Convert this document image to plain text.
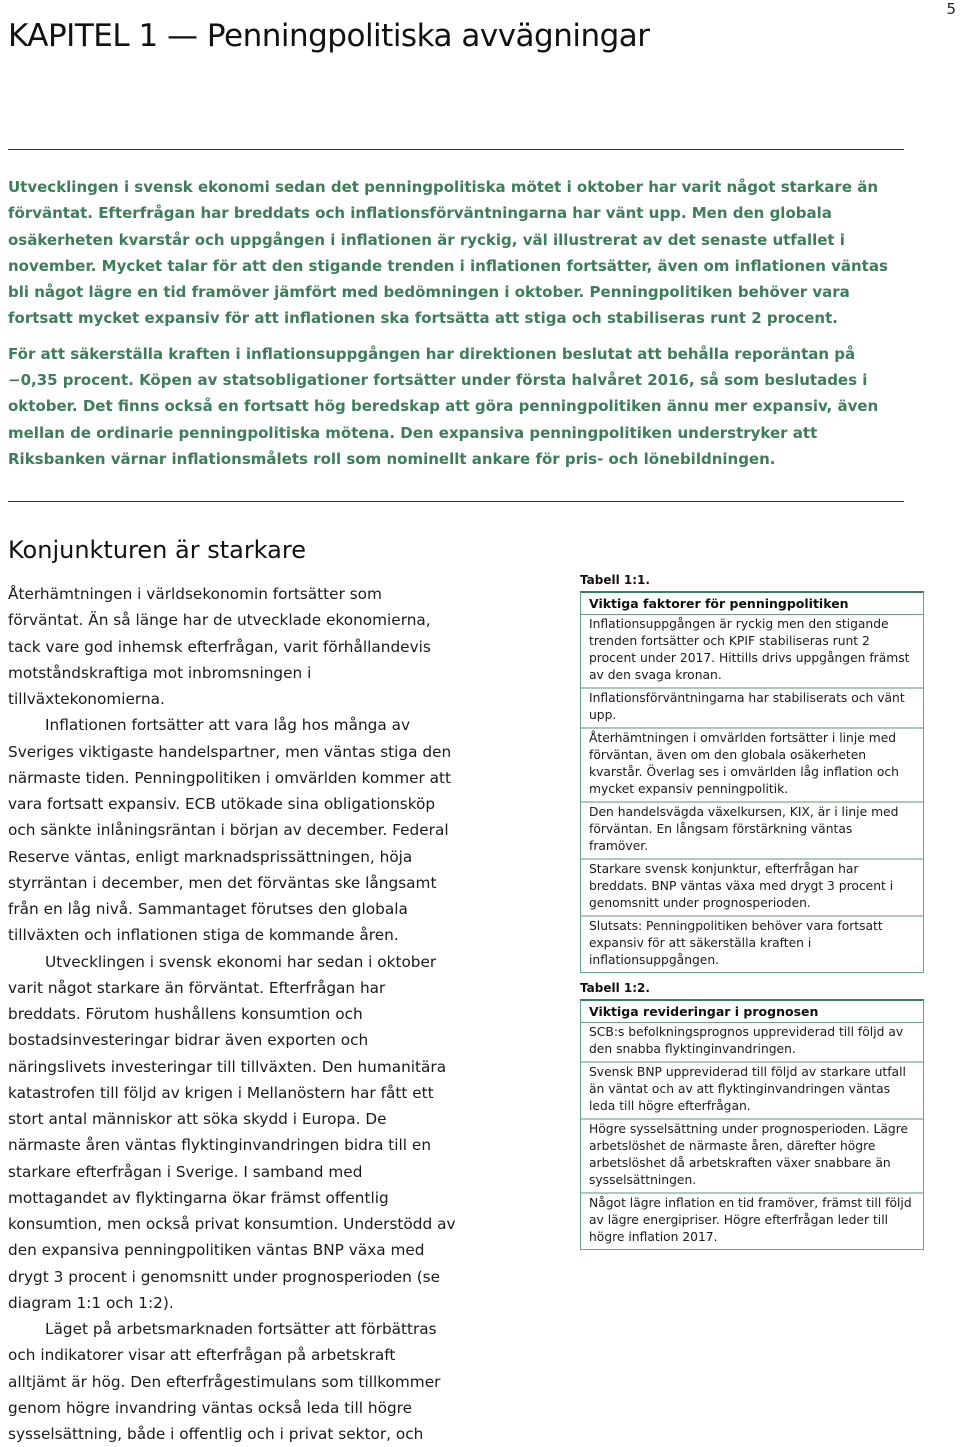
5
KAPITEL 1 — Penningpolitiska avvägningar

Utvecklingen i svensk ekonomi sedan det penningpolitiska mötet i oktober har varit något starkare än förväntat. Efterfrågan har breddats och inflationsförväntningarna har vänt upp. Men den globala osäkerheten kvarstår och uppgången i inflationen är ryckig, väl illustrerat av det senaste utfallet i november. Mycket talar för att den stigande trenden i inflationen fortsätter, även om inflationen väntas bli något lägre en tid framöver jämfört med bedömningen i oktober. Penningpolitiken behöver vara fortsatt mycket expansiv för att inflationen ska fortsätta att stiga och stabiliseras runt 2 procent.

För att säkerställa kraften i inflationsuppgången har direktionen beslutat att behålla reporäntan på −0,35 procent. Köpen av statsobligationer fortsätter under första halvåret 2016, så som beslutades i oktober. Det finns också en fortsatt hög beredskap att göra penningpolitiken ännu mer expansiv, även mellan de ordinarie penningpolitiska mötena. Den expansiva penningpolitiken understryker att Riksbanken värnar inflationsmålets roll som nominellt ankare för pris- och lönebildningen.

Konjunkturen är starkare

Återhämtningen i världsekonomin fortsätter som förväntat. Än så länge har de utvecklade ekonomierna, tack vare god inhemsk efterfrågan, varit förhållandevis motståndskraftiga mot inbromsningen i tillväxtekonomierna.

Inflationen fortsätter att vara låg hos många av Sveriges viktigaste handelspartner, men väntas stiga den närmaste tiden. Penningpolitiken i omvärlden kommer att vara fortsatt expansiv. ECB utökade sina obligationsköp och sänkte inlåningsräntan i början av december. Federal Reserve väntas, enligt marknadsprissättningen, höja styrräntan i december, men det förväntas ske långsamt från en låg nivå. Sammantaget förutses den globala tillväxten och inflationen stiga de kommande åren.

Utvecklingen i svensk ekonomi har sedan i oktober varit något starkare än förväntat. Efterfrågan har breddats. Förutom hushållens konsumtion och bostadsinvesteringar bidrar även exporten och näringslivets investeringar till tillväxten. Den humanitära katastrofen till följd av krigen i Mellanöstern har fått ett stort antal människor att söka skydd i Europa. De närmaste åren väntas flyktinginvandringen bidra till en starkare efterfrågan i Sverige. I samband med mottagandet av flyktingarna ökar främst offentlig konsumtion, men också privat konsumtion. Understödd av den expansiva penningpolitiken väntas BNP växa med drygt 3 procent i genomsnitt under prognosperioden (se diagram 1:1 och 1:2).

Läget på arbetsmarknaden fortsätter att förbättras och indikatorer visar att efterfrågan på arbetskraft alltjämt är hög. Den efterfrågestimulans som tillkommer genom högre invandring väntas också leda till högre sysselsättning, både i offentlig och i privat sektor, och

Tabell 1:1.
Viktiga faktorer för penningpolitiken
Inflationsuppgången är ryckig men den stigande trenden fortsätter och KPIF stabiliseras runt 2 procent under 2017. Hittills drivs uppgången främst av den svaga kronan.
Inflationsförväntningarna har stabiliserats och vänt upp.
Återhämtningen i omvärlden fortsätter i linje med förväntan, även om den globala osäkerheten kvarstår. Överlag ses i omvärlden låg inflation och mycket expansiv penningpolitik.
Den handelsvägda växelkursen, KIX, är i linje med förväntan. En långsam förstärkning väntas framöver.
Starkare svensk konjunktur, efterfrågan har breddats. BNP väntas växa med drygt 3 procent i genomsnitt under prognosperioden.
Slutsats: Penningpolitiken behöver vara fortsatt expansiv för att säkerställa kraften i inflationsuppgången.
Tabell 1:2.
Viktiga revideringar i prognosen
SCB:s befolkningsprognos uppreviderad till följd av den snabba flyktinginvandringen.
Svensk BNP uppreviderad till följd av starkare utfall än väntat och av att flyktinginvandringen väntas leda till högre efterfrågan.
Högre sysselsättning under prognosperioden. Lägre arbetslöshet de närmaste åren, därefter högre arbetslöshet då arbetskraften växer snabbare än sysselsättningen.
Något lägre inflation en tid framöver, främst till följd av lägre energipriser. Högre efterfrågan leder till högre inflation 2017.
